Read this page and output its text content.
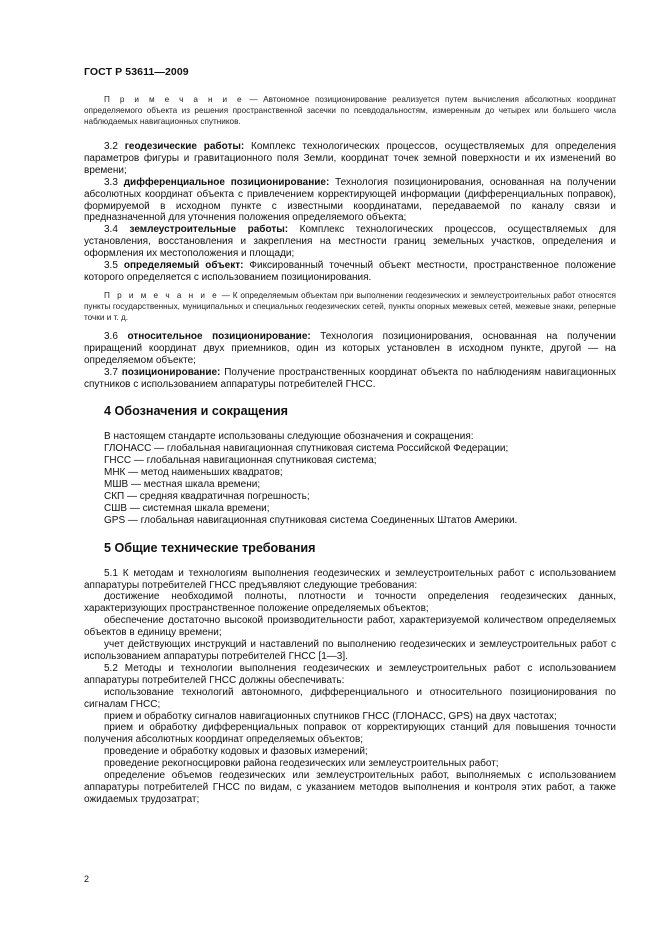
ГОСТ Р 53611—2009

П р и м е ч а н и е — Автономное позиционирование реализуется путем вычисления абсолютных координат определяемого объекта из решения пространственной засечки по псевдодальностям, измеренным до четырех или большего числа наблюдаемых навигационных спутников.

3.2 геодезические работы: Комплекс технологических процессов, осуществляемых для определения параметров фигуры и гравитационного поля Земли, координат точек земной поверхности и их изменений во времени;

3.3 дифференциальное позиционирование: Технология позиционирования, основанная на получении абсолютных координат объекта с привлечением корректирующей информации (дифференциальных поправок), формируемой в исходном пункте с известными координатами, передаваемой по каналу связи и предназначенной для уточнения положения определяемого объекта;

3.4 землеустроительные работы: Комплекс технологических процессов, осуществляемых для установления, восстановления и закрепления на местности границ земельных участков, определения и оформления их местоположения и площади;

3.5 определяемый объект: Фиксированный точечный объект местности, пространственное положение которого определяется с использованием позиционирования.

П р и м е ч а н и е — К определяемым объектам при выполнении геодезических и землеустроительных работ относятся пункты государственных, муниципальных и специальных геодезических сетей, пункты опорных межевых сетей, межевые знаки, реперные точки и т. д.

3.6 относительное позиционирование: Технология позиционирования, основанная на получении приращений координат двух приемников, один из которых установлен в исходном пункте, другой — на определяемом объекте;

3.7 позиционирование: Получение пространственных координат объекта по наблюдениям навигационных спутников с использованием аппаратуры потребителей ГНСС.

4 Обозначения и сокращения

В настоящем стандарте использованы следующие обозначения и сокращения:

ГЛОНАСС — глобальная навигационная спутниковая система Российской Федерации;

ГНСС — глобальная навигационная спутниковая система;

МНК — метод наименьших квадратов;

МШВ — местная шкала времени;

СКП — средняя квадратичная погрешность;

СШВ — системная шкала времени;

GPS — глобальная навигационная спутниковая система Соединенных Штатов Америки.

5 Общие технические требования

5.1 К методам и технологиям выполнения геодезических и землеустроительных работ с использованием аппаратуры потребителей ГНСС предъявляют следующие требования:

достижение необходимой полноты, плотности и точности определения геодезических данных, характеризующих пространственное положение определяемых объектов;

обеспечение достаточно высокой производительности работ, характеризуемой количеством определяемых объектов в единицу времени;

учет действующих инструкций и наставлений по выполнению геодезических и землеустроительных работ с использованием аппаратуры потребителей ГНСС [1—3].

5.2 Методы и технологии выполнения геодезических и землеустроительных работ с использованием аппаратуры потребителей ГНСС должны обеспечивать:

использование технологий автономного, дифференциального и относительного позиционирования по сигналам ГНСС;

прием и обработку сигналов навигационных спутников ГНСС (ГЛОНАСС, GPS) на двух частотах;

прием и обработку дифференциальных поправок от корректирующих станций для повышения точности получения абсолютных координат определяемых объектов;

проведение и обработку кодовых и фазовых измерений;

проведение рекогносцировки района геодезических или землеустроительных работ;

определение объемов геодезических или землеустроительных работ, выполняемых с использованием аппаратуры потребителей ГНСС по видам, с указанием методов выполнения и контроля этих работ, а также ожидаемых трудозатрат;

2
